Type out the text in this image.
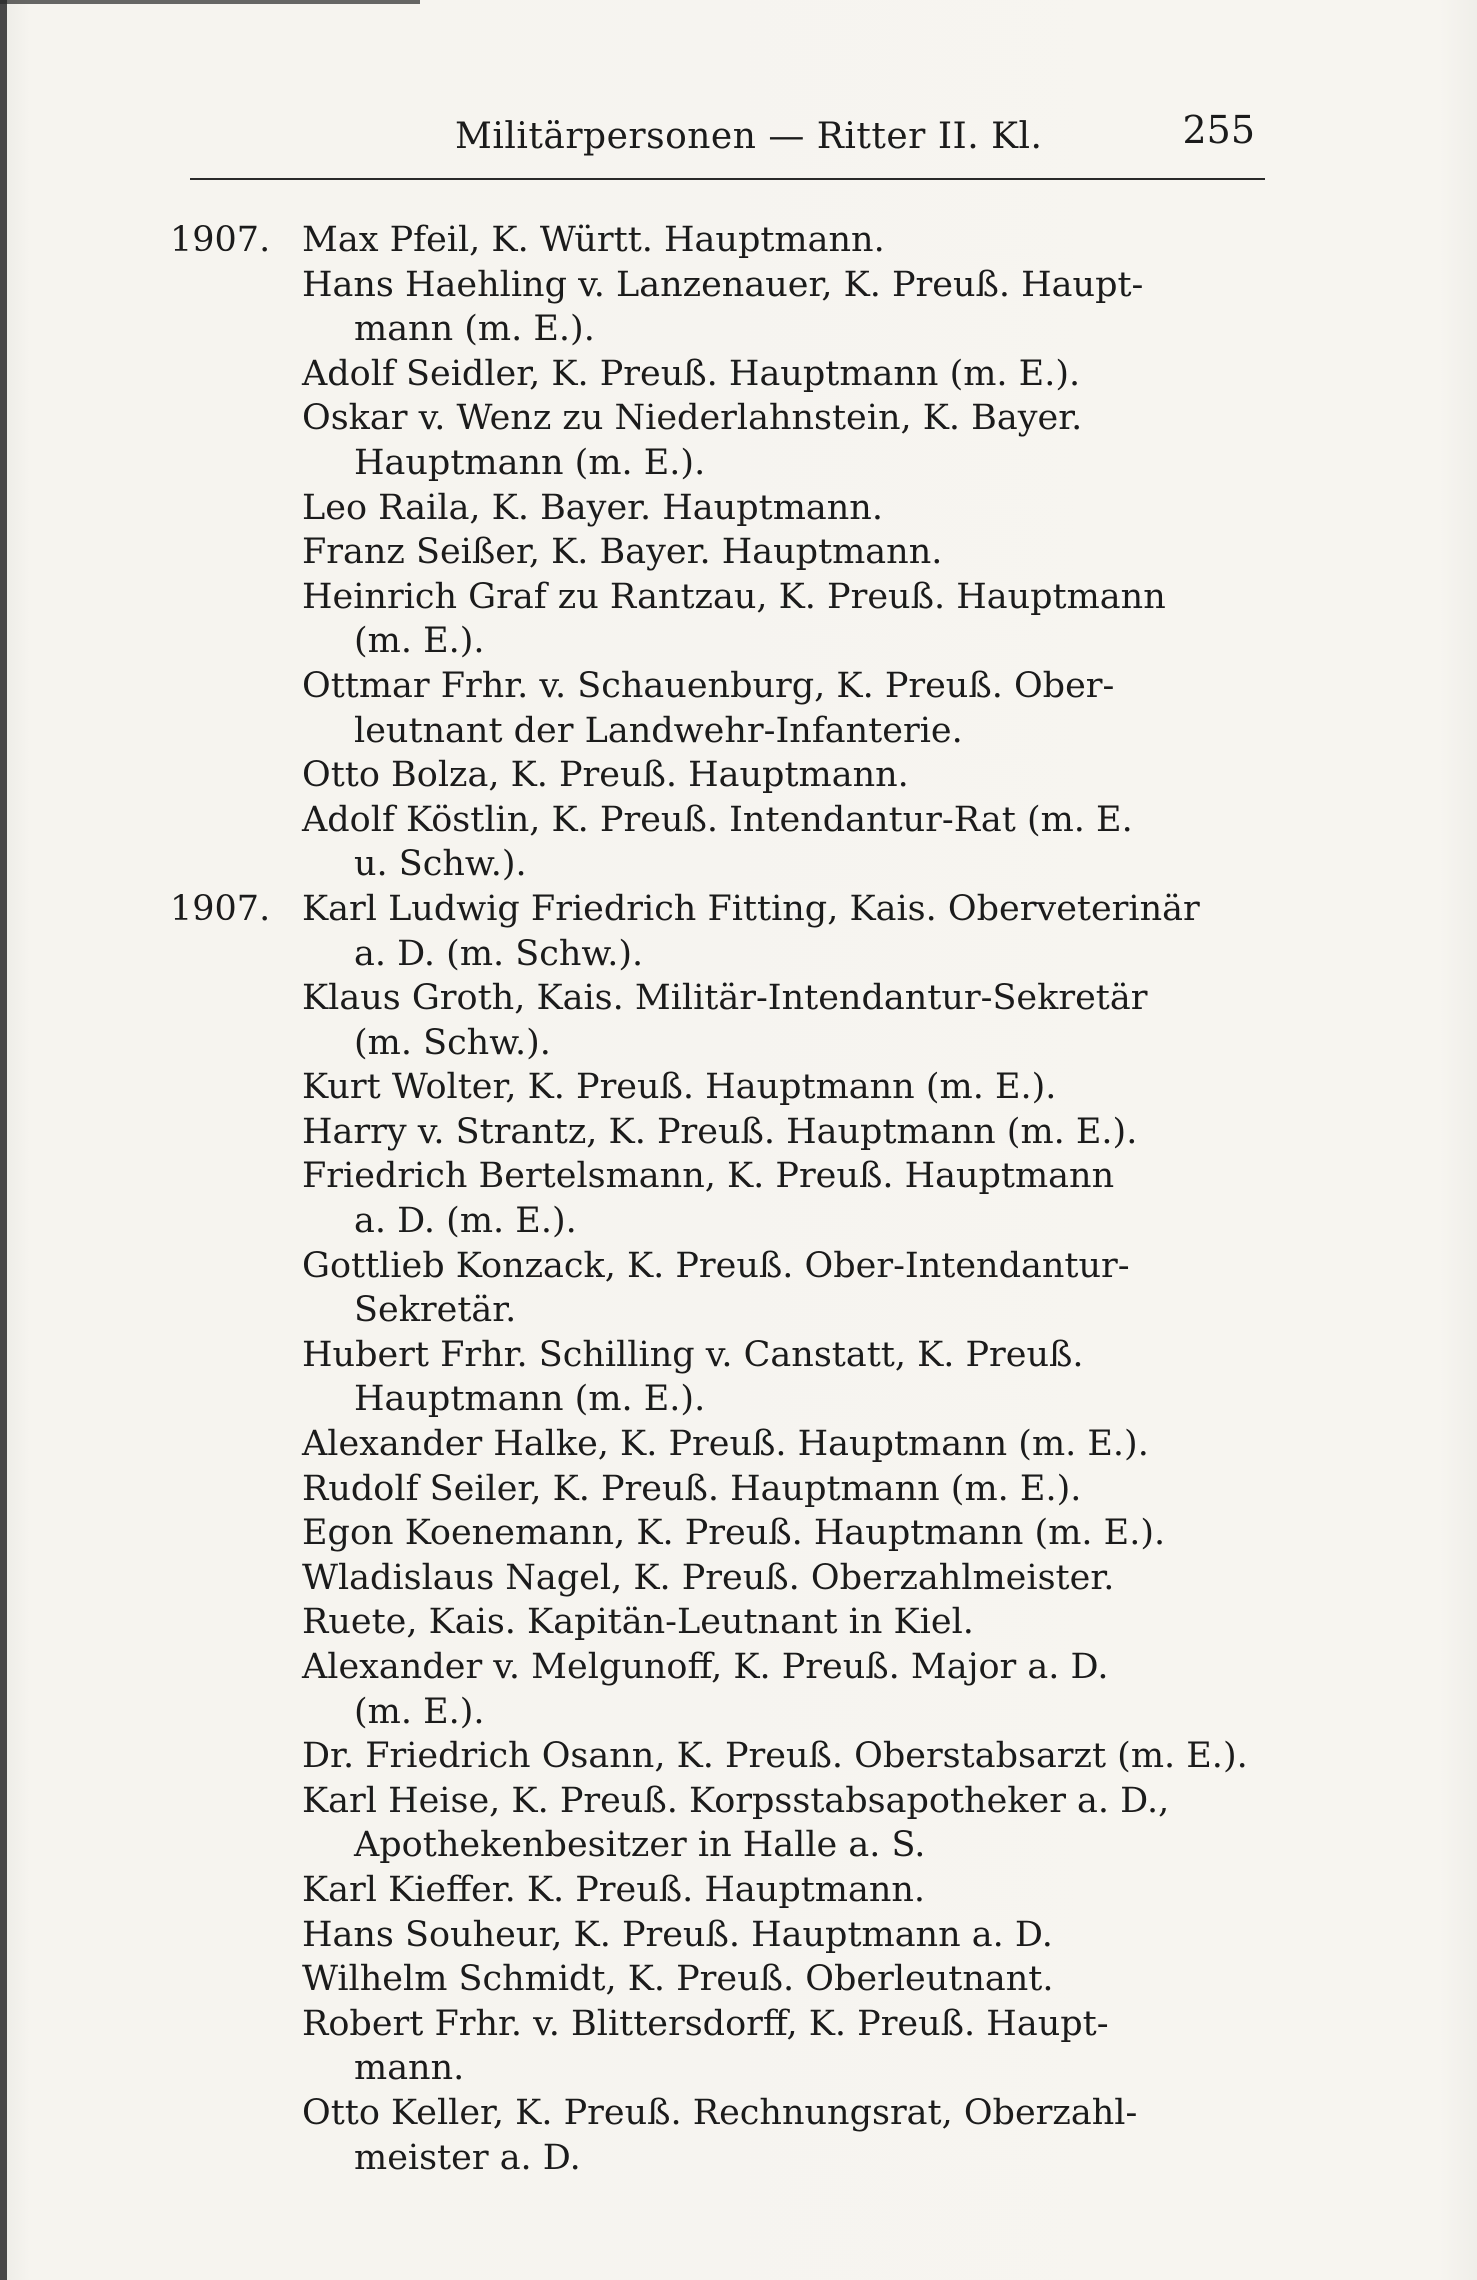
Militärpersonen — Ritter II. Kl.	255
1907. Max Pfeil, K. Württ. Hauptmann.
Hans Haehling v. Lanzenauer, K. Preuß. Haupt-
mann (m. E.).
Adolf Seidler, K. Preuß. Hauptmann (m. E.).
Oskar v. Wenz zu Niederlahnstein, K. Bayer.
Hauptmann (m. E.).
Leo Raila, K. Bayer. Hauptmann.
Franz Seißer, K. Bayer. Hauptmann.
Heinrich Graf zu Rantzau, K. Preuß. Hauptmann
(m. E.).
Ottmar Frhr. v. Schauenburg, K. Preuß. Ober-
leutnant der Landwehr-Infanterie.
Otto Bolza, K. Preuß. Hauptmann.
Adolf Köstlin, K. Preuß. Intendantur-Rat (m. E.
u. Schw.).
1907. Karl Ludwig Friedrich Fitting, Kais. Oberveterinär
a. D. (m. Schw.).
Klaus Groth, Kais. Militär-Intendantur-Sekretär
(m. Schw.).
Kurt Wolter, K. Preuß. Hauptmann (m. E.).
Harry v. Strantz, K. Preuß. Hauptmann (m. E.).
Friedrich Bertelsmann, K. Preuß. Hauptmann
a. D. (m. E.).
Gottlieb Konzack, K. Preuß. Ober-Intendantur-
Sekretär.
Hubert Frhr. Schilling v. Canstatt, K. Preuß.
Hauptmann (m. E.).
Alexander Halke, K. Preuß. Hauptmann (m. E.).
Rudolf Seiler, K. Preuß. Hauptmann (m. E.).
Egon Koenemann, K. Preuß. Hauptmann (m. E.).
Wladislaus Nagel, K. Preuß. Oberzahlmeister.
Ruete, Kais. Kapitän-Leutnant in Kiel.
Alexander v. Melgunoff, K. Preuß. Major a. D.
(m. E.).
Dr. Friedrich Osann, K. Preuß. Oberstabsarzt (m. E.).
Karl Heise, K. Preuß. Korpsstabsapotheker a. D.,
Apothekenbesitzer in Halle a. S.
Karl Kieffer. K. Preuß. Hauptmann.
Hans Souheur, K. Preuß. Hauptmann a. D.
Wilhelm Schmidt, K. Preuß. Oberleutnant.
Robert Frhr. v. Blittersdorff, K. Preuß. Haupt-
mann.
Otto Keller, K. Preuß. Rechnungsrat, Oberzahl-
meister a. D.
